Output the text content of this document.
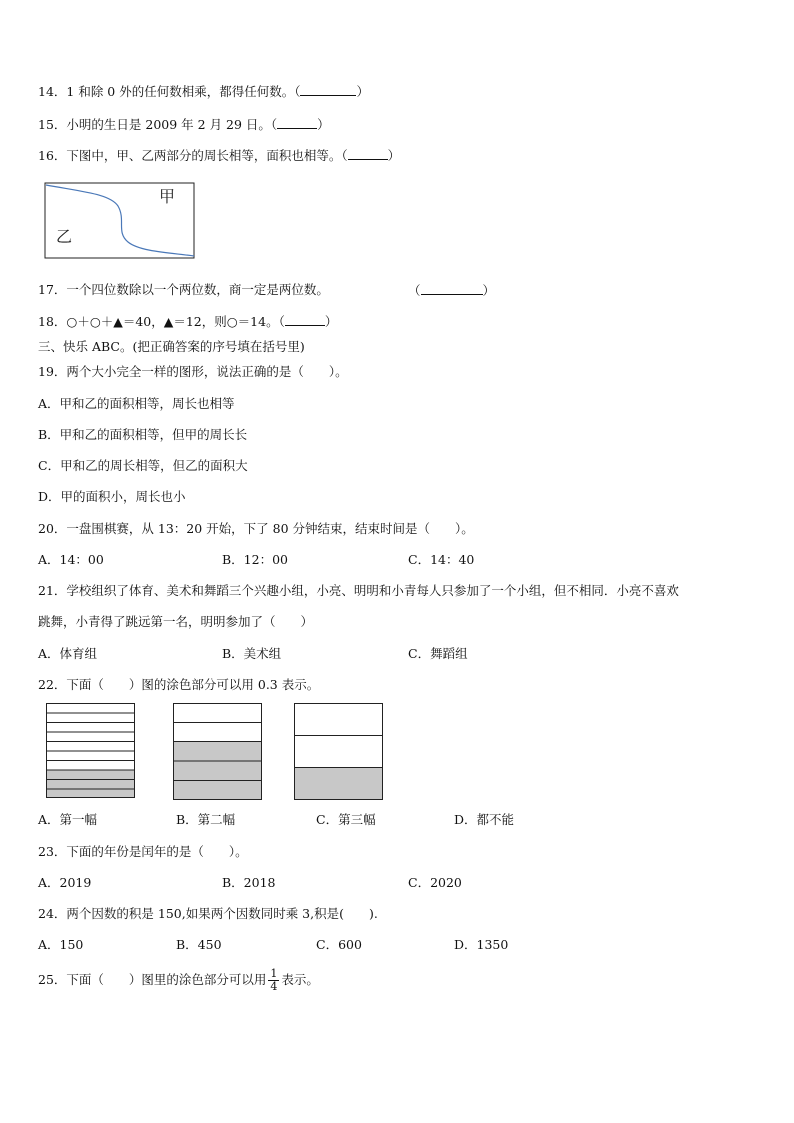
14．1 和除 0 外的任何数相乘，都得任何数。（	）
15．小明的生日是 2009 年 2 月 29 日。（	）
16．下图中，甲、乙两部分的周长相等，面积也相等。（	）
甲
乙
17．一个四位数除以一个两位数，商一定是两位数。	（	）
18．○＋○＋▲＝40，▲＝12，则○＝14。（	）
三、快乐 ABC。(把正确答案的序号填在括号里)
19．两个大小完全一样的图形，说法正确的是（　　）。
A．甲和乙的面积相等，周长也相等
B．甲和乙的面积相等，但甲的周长长
C．甲和乙的周长相等，但乙的面积大
D．甲的面积小，周长也小
20．一盘围棋赛，从 13：20 开始，下了 80 分钟结束，结束时间是（　　）。
A．14：00	B．12：00	C．14：40
21．学校组织了体育、美术和舞蹈三个兴趣小组，小亮、明明和小青每人只参加了一个小组，但不相同．小亮不喜欢
跳舞，小青得了跳远第一名，明明参加了（　　）
A．体育组	B．美术组	C．舞蹈组
22．下面（　　）图的涂色部分可以用 0.3 表示。
A．第一幅	B．第二幅	C．第三幅	D．都不能
23．下面的年份是闰年的是（　　）。
A．2019	B．2018	C．2020
24．两个因数的积是 150,如果两个因数同时乘 3,积是(　　).
A．150	B．450	C．600	D．1350
25．下面（　　）图里的涂色部分可以用 $\frac{1}{4}$ 表示。
